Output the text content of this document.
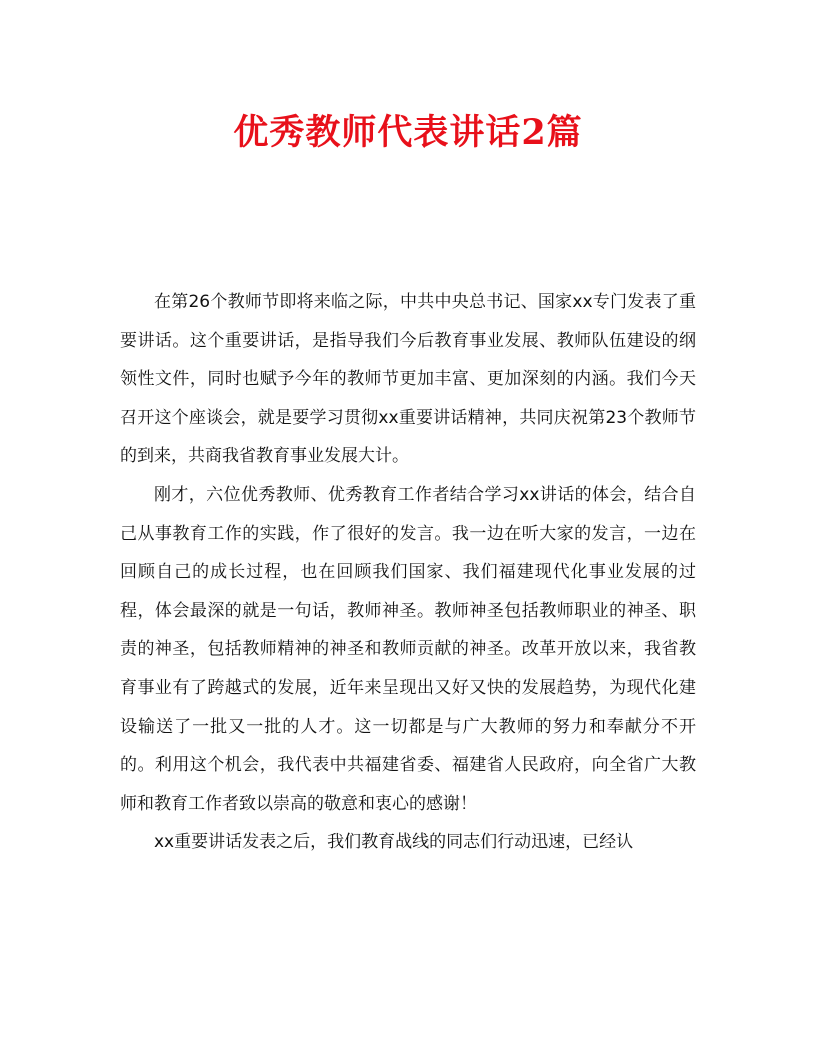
优秀教师代表讲话2篇

在第26个教师节即将来临之际，中共中央总书记、国家xx专门发表了重要讲话。这个重要讲话，是指导我们今后教育事业发展、教师队伍建设的纲领性文件，同时也赋予今年的教师节更加丰富、更加深刻的内涵。我们今天召开这个座谈会，就是要学习贯彻xx重要讲话精神，共同庆祝第23个教师节的到来，共商我省教育事业发展大计。

刚才，六位优秀教师、优秀教育工作者结合学习xx讲话的体会，结合自己从事教育工作的实践，作了很好的发言。我一边在听大家的发言，一边在回顾自己的成长过程，也在回顾我们国家、我们福建现代化事业发展的过程，体会最深的就是一句话，教师神圣。教师神圣包括教师职业的神圣、职责的神圣，包括教师精神的神圣和教师贡献的神圣。改革开放以来，我省教育事业有了跨越式的发展，近年来呈现出又好又快的发展趋势，为现代化建设输送了一批又一批的人才。这一切都是与广大教师的努力和奉献分不开的。利用这个机会，我代表中共福建省委、福建省人民政府，向全省广大教师和教育工作者致以崇高的敬意和衷心的感谢！

xx重要讲话发表之后，我们教育战线的同志们行动迅速，已经认
